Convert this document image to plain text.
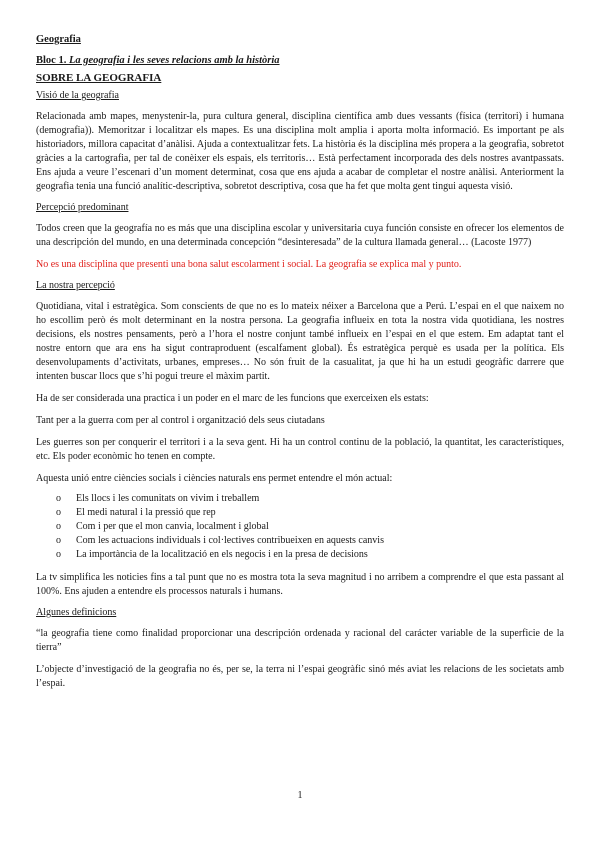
Geografia
Bloc 1. La geografia i les seves relacions amb la història
SOBRE LA GEOGRAFIA
Visió de la geografia

Relacionada amb mapes, menystenir-la, pura cultura general, disciplina científica amb dues vessants (física (territori) i humana (demografia)). Memoritzar i localitzar els mapes. Es una disciplina molt amplia i aporta molta informació. Es important pe als historiadors, millora capacitat d’anàlisi. Ajuda a contextualitzar fets. La història és la disciplina més propera a la geografia, sobretot gràcies a la cartografia, per tal de conèixer els espais, els territoris… Està perfectament incorporada des dels nostres avantpassats. Ens ajuda a veure l’escenari d’un moment determinat, cosa que ens ajuda a acabar de completar el nostre anàlisi. Anteriorment la geografia tenia una funció analític-descriptiva, sobretot descriptiva, cosa que ha fet que molta gent tingui aquesta visió.

Percepció predominant

Todos creen que la geografía no es más que una disciplina escolar y universitaria cuya función consiste en ofrecer los elementos de una descripción del mundo, en una determinada concepción “desinteresada” de la cultura llamada general… (Lacoste 1977)

No es una disciplina que presenti una bona salut escolarment i social. La geografia se explica mal y punto.

La nostra percepció

Quotidiana, vital i estratègica. Som conscients de que no es lo mateix néixer a Barcelona que a Perú. L’espai en el que naixem no ho escollim però és molt determinant en la nostra persona. La geografia influeix en tota la nostra vida quotidiana, les nostres decisions, els nostres pensaments, però a l’hora el nostre conjunt també influeix en l’espai en el que estem. Em adaptat tant el nostre entorn que ara ens ha sigut contraproduent (escalfament global). És estratègica perquè es usada per la política. Els desenvolupaments d’activitats, urbanes, empreses… No són fruit de la casualitat, ja que hi ha un estudi geogràfic darrere que intenten buscar llocs que s’hi pogui treure el màxim partit.

Ha de ser considerada una practica i un poder en el marc de les funcions que exerceixen els estats:

Tant per a la guerra com per al control i organització dels seus ciutadans

Les guerres son per conquerir el territori i a la seva gent. Hi ha un control continu de la població, la quantitat, les característiques, etc. Els poder econòmic ho tenen en compte.

Aquesta unió entre ciències socials i ciències naturals ens permet entendre el món actual:

o Els llocs i les comunitats on vivim i treballem
o El medi natural i la pressió que rep
o Com i per que el mon canvia, localment i global
o Com les actuacions individuals i col·lectives contribueixen en aquests canvis
o La importància de la localització en els negocis i en la presa de decisions

La tv simplifica les noticies fins a tal punt que no es mostra tota la seva magnitud i no arribem a comprendre el que esta passant al 100%. Ens ajuden a entendre els processos naturals i humans.

Algunes definicions

“la geografia tiene como finalidad proporcionar una descripción ordenada y racional del carácter variable de la superficie de la tierra”

L’objecte d’investigació de la geografia no és, per se, la terra ni l’espai geogràfic sinó més aviat les relacions de les societats amb l’espai.

1
